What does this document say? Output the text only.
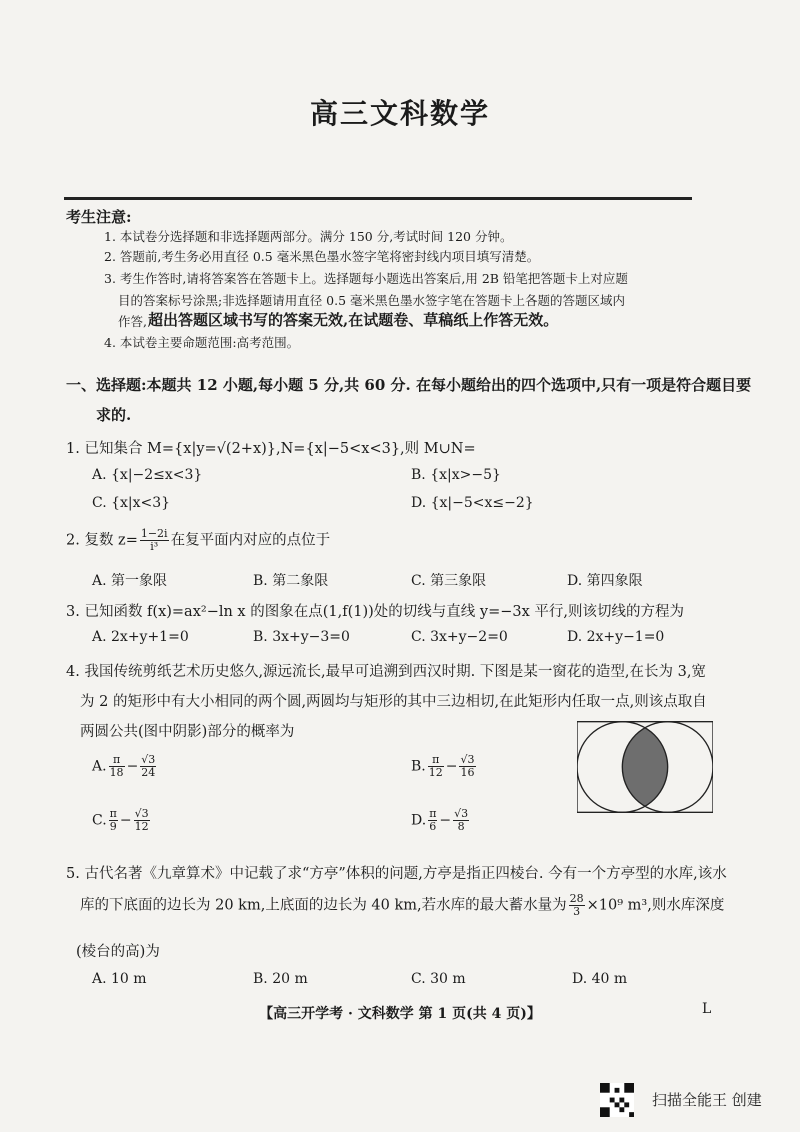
高三文科数学
考生注意:
1. 本试卷分选择题和非选择题两部分。满分 150 分,考试时间 120 分钟。
2. 答题前,考生务必用直径 0.5 毫米黑色墨水签字笔将密封线内项目填写清楚。
3. 考生作答时,请将答案答在答题卡上。选择题每小题选出答案后,用 2B 铅笔把答题卡上对应题
目的答案标号涂黑;非选择题请用直径 0.5 毫米黑色墨水签字笔在答题卡上各题的答题区域内
作答, 超出答题区域书写的答案无效,在试题卷、草稿纸上作答无效。
4. 本试卷主要命题范围:高考范围。
一、选择题:本题共 12 小题,每小题 5 分,共 60 分. 在每小题给出的四个选项中,只有一项是符合题目要
求的.
1. 已知集合 M={x|y=√(2+x)},N={x|−5<x<3},则 M∪N=
A. {x|−2≤x<3}	B. {x|x>−5}
C. {x|x<3}	D. {x|−5<x≤−2}
2. 复数 $z= \frac{1-2i}{\text{i³}}$ 在复平面内对应的点位于
A. 第一象限	B. 第二象限	C. 第三象限	D. 第四象限
3. 已知函数 f(x)=ax²−ln x 的图象在点(1,f(1))处的切线与直线 y=−3x 平行,则该切线的方程为
A. 2x+y+1=0	B. 3x+y−3=0	C. 3x+y−2=0	D. 2x+y−1=0
4. 我国传统剪纸艺术历史悠久,源远流长,最早可追溯到西汉时期. 下图是某一窗花的造型,在长为 3,宽
为 2 的矩形中有大小相同的两个圆,两圆均与矩形的其中三边相切,在此矩形内任取一点,则该点取自
两圆公共(图中阴影)部分的概率为
A. $\frac{\pi}{18} - \frac{√3}{24}$	B. $\frac{\pi}{12} - \frac{√3}{16}$
C. $\frac{\pi}{9} - \frac{√3}{12}$	D. $\frac{\pi}{6} - \frac{√3}{8}$
5. 古代名著《九章算术》中记载了求“方亭”体积的问题,方亭是指正四棱台. 今有一个方亭型的水库,该水
库的下底面的边长为 20 km,上底面的边长为 40 km,若水库的最大蓄水量为 $\frac{28}{3} \times 10^9$ m³,则水库深度
(棱台的高)为
A. 10 m	B. 20 m	C. 30 m	D. 40 m
【高三开学考 · 文科数学 第 1 页(共 4 页)】	L
扫描全能王 创建
